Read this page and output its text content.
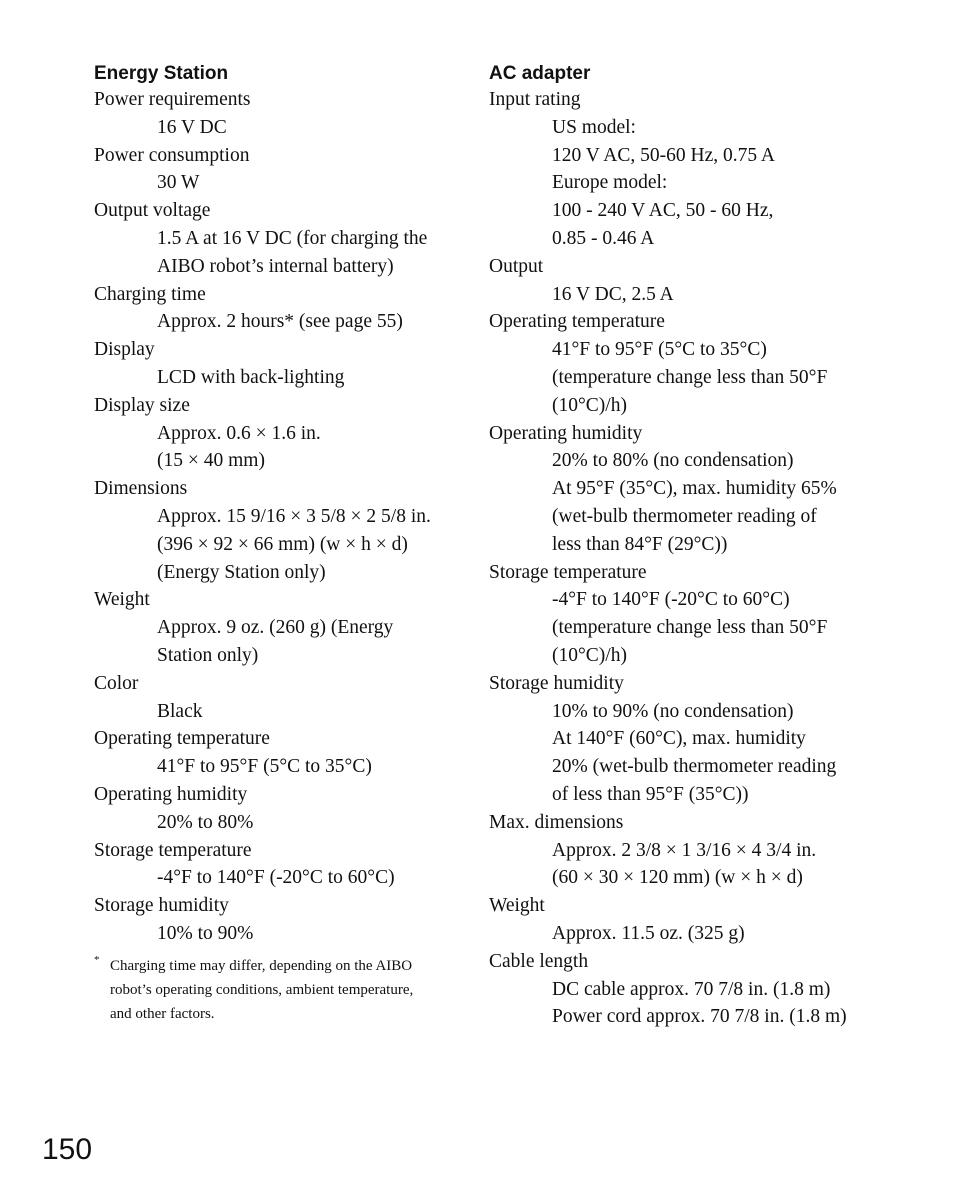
Energy Station

Power requirements

16 V DC

Power consumption

30 W

Output voltage

1.5 A at 16 V DC (for charging the

AIBO robot’s internal battery)

Charging time

Approx. 2 hours* (see page 55)

Display

LCD with back-lighting

Display size

Approx. 0.6 × 1.6 in.

(15 × 40 mm)

Dimensions

Approx. 15 9/16 × 3 5/8 × 2 5/8 in.

(396 × 92 × 66 mm) (w × h × d)

(Energy Station only)

Weight

Approx. 9 oz. (260 g) (Energy

Station only)

Color

Black

Operating temperature

41°F to 95°F (5°C to 35°C)

Operating humidity

20% to 80%

Storage temperature

-4°F to 140°F (-20°C to 60°C)

Storage humidity

10% to 90%

* Charging time may differ, depending on the AIBO
robot’s operating conditions, ambient temperature,
and other factors.
AC adapter

Input rating

US model:

120 V AC, 50-60 Hz, 0.75 A

Europe model:

100 - 240 V AC, 50 - 60 Hz,

0.85 - 0.46 A

Output

16 V DC, 2.5 A

Operating temperature

41°F to 95°F (5°C to 35°C)

(temperature change less than 50°F

(10°C)/h)

Operating humidity

20% to 80% (no condensation)

At 95°F (35°C), max. humidity 65%

(wet-bulb thermometer reading of

less than 84°F (29°C))

Storage temperature

-4°F to 140°F (-20°C to 60°C)

(temperature change less than 50°F

(10°C)/h)

Storage humidity

10% to 90% (no condensation)

At 140°F (60°C), max. humidity

20% (wet-bulb thermometer reading

of less than 95°F (35°C))

Max. dimensions

Approx. 2 3/8 × 1 3/16 × 4 3/4 in.

(60 × 30 × 120 mm) (w × h × d)

Weight

Approx. 11.5 oz. (325 g)

Cable length

DC cable approx. 70 7/8 in. (1.8 m)

Power cord approx. 70 7/8 in. (1.8 m)

150
